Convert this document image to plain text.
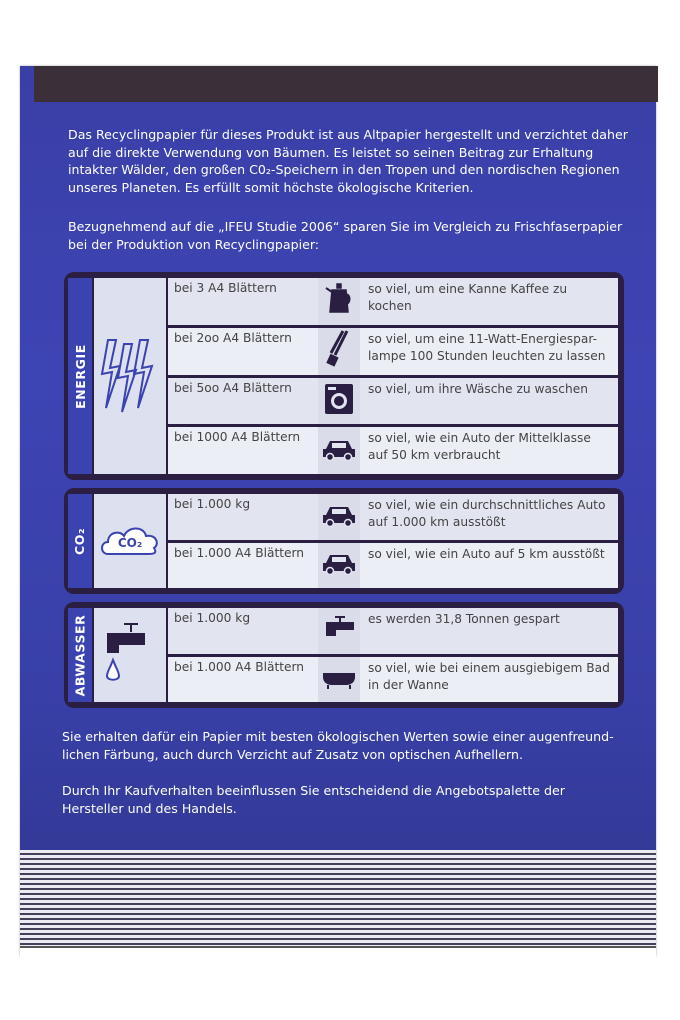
Das Recyclingpapier für dieses Produkt ist aus Altpapier hergestellt und verzichtet daher auf die direkte Verwendung von Bäumen. Es leistet so seinen Beitrag zur Erhaltung intakter Wälder, den großen C0₂-Speichern in den Tropen und den nordischen Regionen unseres Planeten. Es erfüllt somit höchste ökologische Kriterien.
Bezugnehmend auf die „IFEU Studie 2006“ sparen Sie im Vergleich zu Frischfaserpapier bei der Produktion von Recyclingpapier:
ENERGIE
bei 3 A4 Blättern	so viel, um eine Kanne Kaffee zu kochen
bei 2oo A4 Blättern	so viel, um eine 11-Watt-Energiespar-lampe 100 Stunden leuchten zu lassen
bei 5oo A4 Blättern	so viel, um ihre Wäsche zu waschen
bei 1000 A4 Blättern	so viel, wie ein Auto der Mittelklasse auf 50 km verbraucht
CO₂	CO₂
bei 1.000 kg	so viel, wie ein durchschnittliches Auto auf 1.000 km ausstößt
bei 1.000 A4 Blättern	so viel, wie ein Auto auf 5 km ausstößt
ABWASSER	bei 1.000 kg	es werden 31,8 Tonnen gespart
bei 1.000 A4 Blättern	so viel, wie bei einem ausgiebigem Bad in der Wanne
Sie erhalten dafür ein Papier mit besten ökologischen Werten sowie einer augenfreund-lichen Färbung, auch durch Verzicht auf Zusatz von optischen Aufhellern.
Durch Ihr Kaufverhalten beeinflussen Sie entscheidend die Angebotspalette der Hersteller und des Handels.
